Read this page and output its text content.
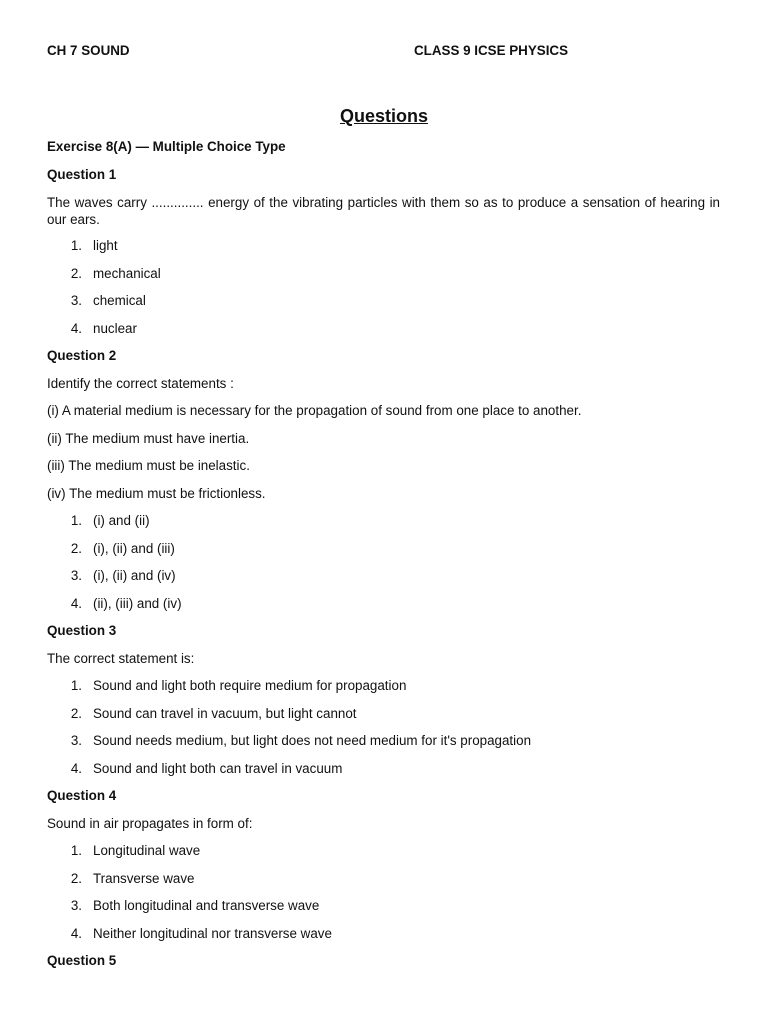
CH 7 SOUND	CLASS 9 ICSE PHYSICS
Questions
Exercise 8(A) — Multiple Choice Type
Question 1
The waves carry .............. energy of the vibrating particles with them so as to produce a sensation of hearing in our ears.
1. light
2. mechanical
3. chemical
4. nuclear
Question 2
Identify the correct statements :
(i) A material medium is necessary for the propagation of sound from one place to another.
(ii) The medium must have inertia.
(iii) The medium must be inelastic.
(iv) The medium must be frictionless.
1. (i) and (ii)
2. (i), (ii) and (iii)
3. (i), (ii) and (iv)
4. (ii), (iii) and (iv)
Question 3
The correct statement is:
1. Sound and light both require medium for propagation
2. Sound can travel in vacuum, but light cannot
3. Sound needs medium, but light does not need medium for it's propagation
4. Sound and light both can travel in vacuum
Question 4
Sound in air propagates in form of:
1. Longitudinal wave
2. Transverse wave
3. Both longitudinal and transverse wave
4. Neither longitudinal nor transverse wave
Question 5
